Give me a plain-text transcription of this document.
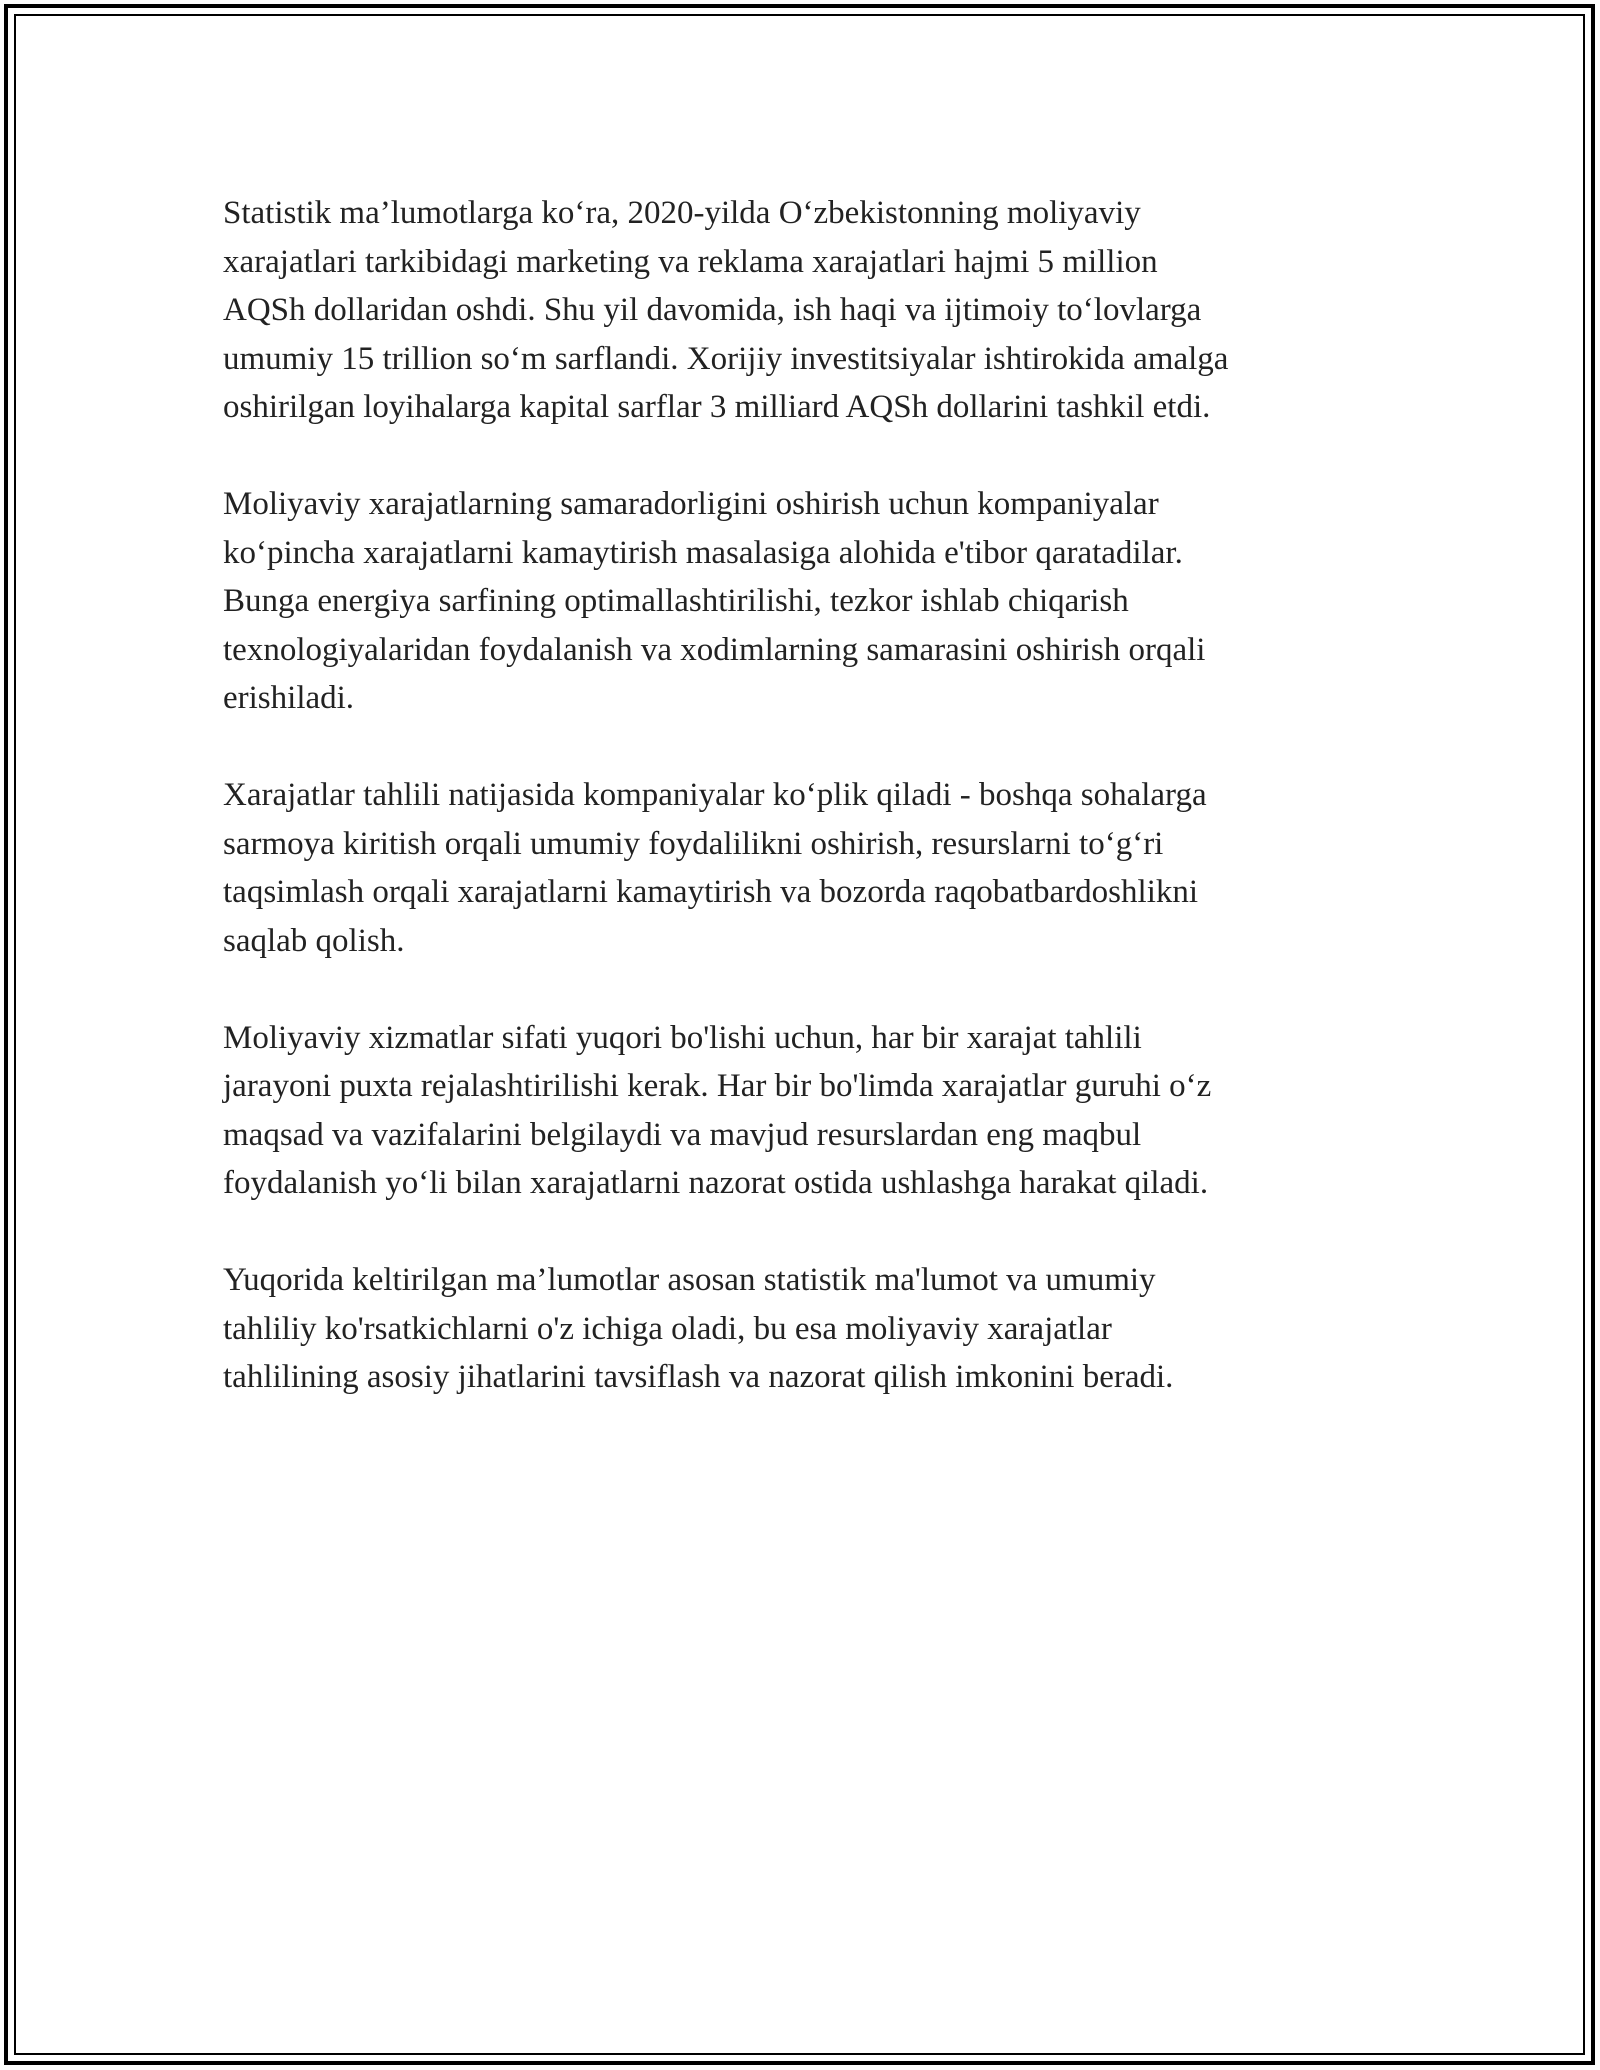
Statistik ma’lumotlarga ko‘ra, 2020-yilda O‘zbekistonning moliyaviy
xarajatlari tarkibidagi marketing va reklama xarajatlari hajmi 5 million
AQSh dollaridan oshdi. Shu yil davomida, ish haqi va ijtimoiy to‘lovlarga
umumiy 15 trillion so‘m sarflandi. Xorijiy investitsiyalar ishtirokida amalga
oshirilgan loyihalarga kapital sarflar 3 milliard AQSh dollarini tashkil etdi.

Moliyaviy xarajatlarning samaradorligini oshirish uchun kompaniyalar
ko‘pincha xarajatlarni kamaytirish masalasiga alohida e'tibor qaratadilar.
Bunga energiya sarfining optimallashtirilishi, tezkor ishlab chiqarish
texnologiyalaridan foydalanish va xodimlarning samarasini oshirish orqali
erishiladi.

Xarajatlar tahlili natijasida kompaniyalar ko‘plik qiladi - boshqa sohalarga
sarmoya kiritish orqali umumiy foydalilikni oshirish, resurslarni to‘g‘ri
taqsimlash orqali xarajatlarni kamaytirish va bozorda raqobatbardoshlikni
saqlab qolish.

Moliyaviy xizmatlar sifati yuqori bo'lishi uchun, har bir xarajat tahlili
jarayoni puxta rejalashtirilishi kerak. Har bir bo'limda xarajatlar guruhi o‘z
maqsad va vazifalarini belgilaydi va mavjud resurslardan eng maqbul
foydalanish yo‘li bilan xarajatlarni nazorat ostida ushlashga harakat qiladi.

Yuqorida keltirilgan ma’lumotlar asosan statistik ma'lumot va umumiy
tahliliy ko'rsatkichlarni o'z ichiga oladi, bu esa moliyaviy xarajatlar
tahlilining asosiy jihatlarini tavsiflash va nazorat qilish imkonini beradi.
